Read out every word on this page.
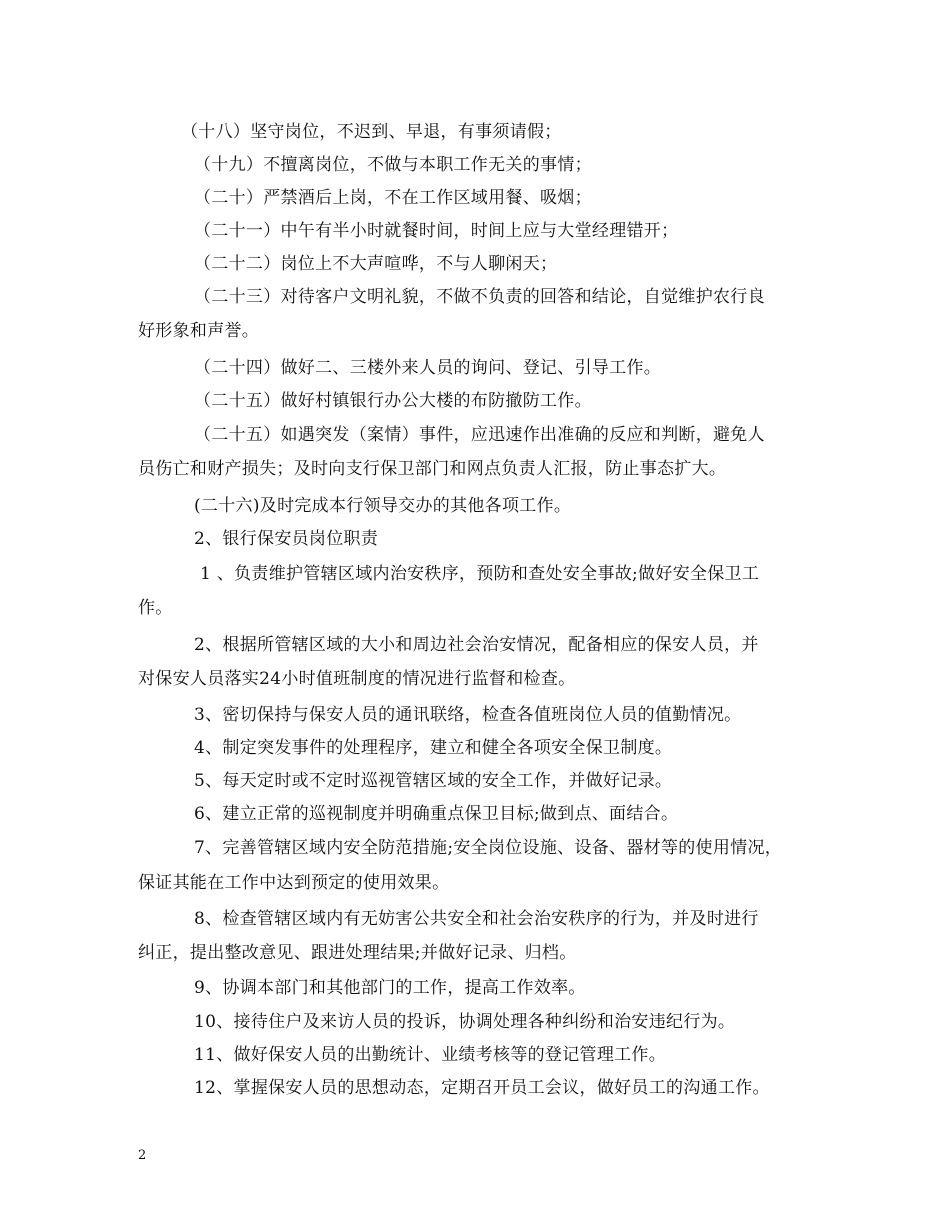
（十八）坚守岗位，不迟到、早退，有事须请假；
（十九）不擅离岗位，不做与本职工作无关的事情；
（二十）严禁酒后上岗，不在工作区域用餐、吸烟；
（二十一）中午有半小时就餐时间，时间上应与大堂经理错开；
（二十二）岗位上不大声喧哗，不与人聊闲天；
（二十三）对待客户文明礼貌，不做不负责的回答和结论，自觉维护农行良
好形象和声誉。
（二十四）做好二、三楼外来人员的询问、登记、引导工作。
（二十五）做好村镇银行办公大楼的布防撤防工作。
（二十五）如遇突发（案情）事件，应迅速作出准确的反应和判断，避免人
员伤亡和财产损失；及时向支行保卫部门和网点负责人汇报，防止事态扩大。
(二十六)及时完成本行领导交办的其他各项工作。
2、银行保安员岗位职责
1 、负责维护管辖区域内治安秩序，预防和查处安全事故;做好安全保卫工
作。
2、根据所管辖区域的大小和周边社会治安情况，配备相应的保安人员，并
对保安人员落实24小时值班制度的情况进行监督和检查。
3、密切保持与保安人员的通讯联络，检查各值班岗位人员的值勤情况。
4、制定突发事件的处理程序，建立和健全各项安全保卫制度。
5、每天定时或不定时巡视管辖区域的安全工作，并做好记录。
6、建立正常的巡视制度并明确重点保卫目标;做到点、面结合。
7、完善管辖区域内安全防范措施;安全岗位设施、设备、器材等的使用情况，
保证其能在工作中达到预定的使用效果。
8、检查管辖区域内有无妨害公共安全和社会治安秩序的行为，并及时进行
纠正，提出整改意见、跟进处理结果;并做好记录、归档。
9、协调本部门和其他部门的工作，提高工作效率。
10、接待住户及来访人员的投诉，协调处理各种纠纷和治安违纪行为。
11、做好保安人员的出勤统计、业绩考核等的登记管理工作。
12、掌握保安人员的思想动态，定期召开员工会议，做好员工的沟通工作。
2
